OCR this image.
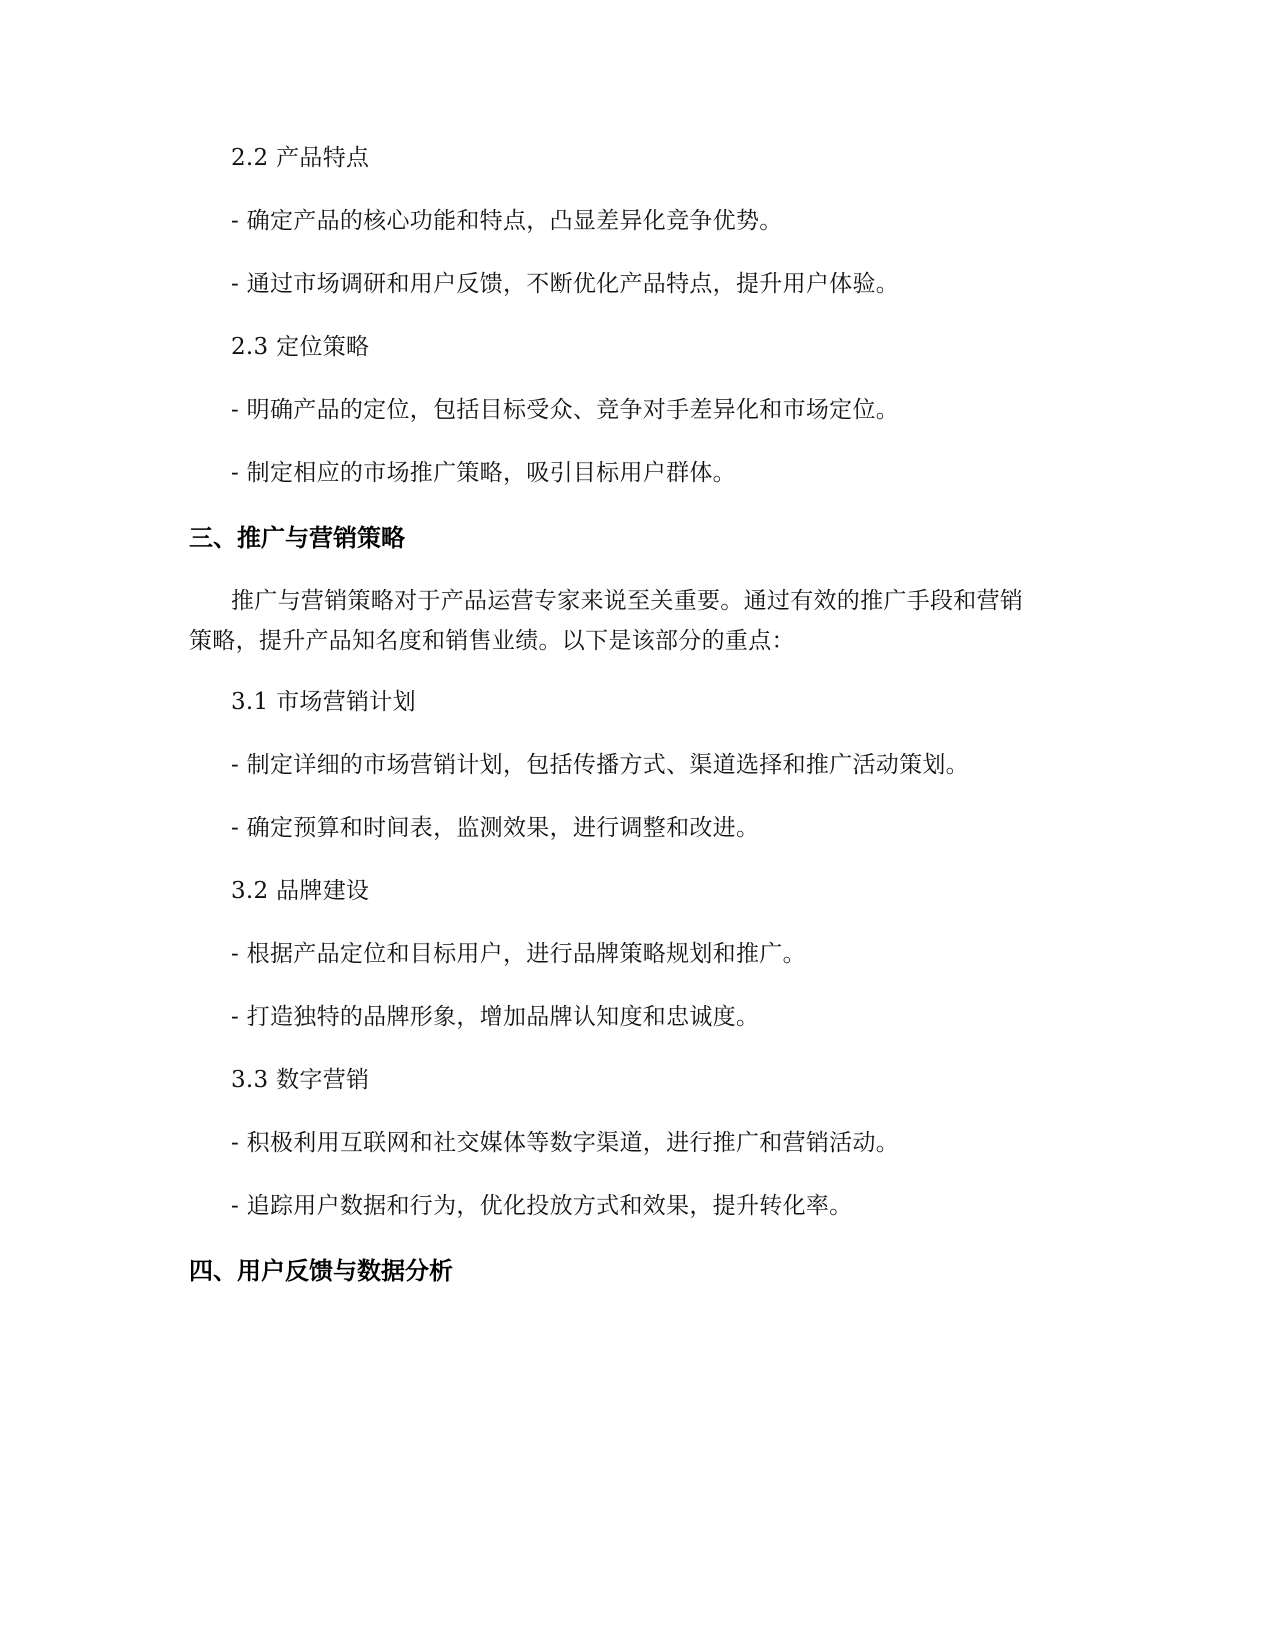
2.2 产品特点
- 确定产品的核心功能和特点，凸显差异化竞争优势。
- 通过市场调研和用户反馈，不断优化产品特点，提升用户体验。
2.3 定位策略
- 明确产品的定位，包括目标受众、竞争对手差异化和市场定位。
- 制定相应的市场推广策略，吸引目标用户群体。
三、推广与营销策略
推广与营销策略对于产品运营专家来说至关重要。通过有效的推广手段和营销
策略，提升产品知名度和销售业绩。以下是该部分的重点：
3.1 市场营销计划
- 制定详细的市场营销计划，包括传播方式、渠道选择和推广活动策划。
- 确定预算和时间表，监测效果，进行调整和改进。
3.2 品牌建设
- 根据产品定位和目标用户，进行品牌策略规划和推广。
- 打造独特的品牌形象，增加品牌认知度和忠诚度。
3.3 数字营销
- 积极利用互联网和社交媒体等数字渠道，进行推广和营销活动。
- 追踪用户数据和行为，优化投放方式和效果，提升转化率。
四、用户反馈与数据分析
